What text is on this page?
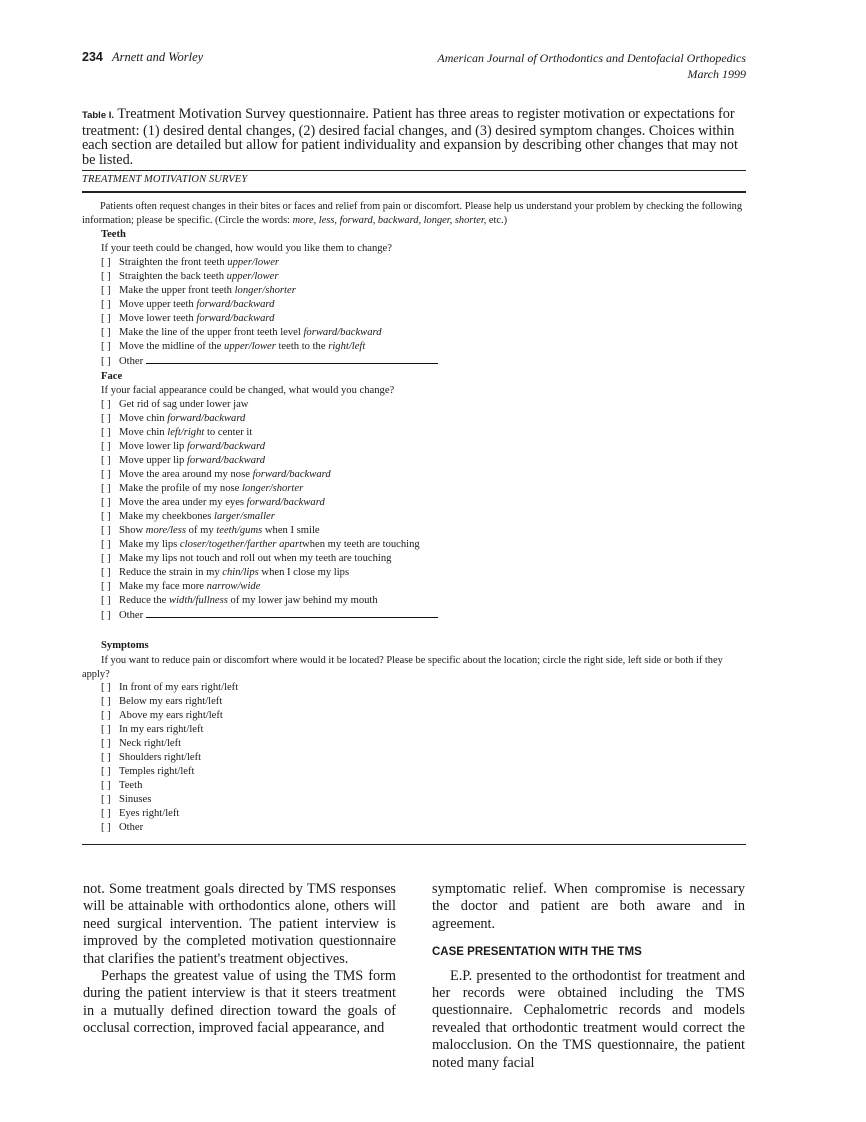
234 Arnett and Worley	American Journal of Orthodontics and Dentofacial Orthopedics
March 1999
Table I. Treatment Motivation Survey questionnaire. Patient has three areas to register motivation or expectations for treatment: (1) desired dental changes, (2) desired facial changes, and (3) desired symptom changes. Choices within each section are detailed but allow for patient individuality and expansion by describing other changes that may not be listed.
TREATMENT MOTIVATION SURVEY
Patients often request changes in their bites or faces and relief from pain or discomfort. Please help us understand your problem by checking the following information; please be specific. (Circle the words: more, less, forward, backward, longer, shorter, etc.)
Teeth
If your teeth could be changed, how would you like them to change?
[ ] Straighten the front teeth upper/lower
[ ] Straighten the back teeth upper/lower
[ ] Make the upper front teeth longer/shorter
[ ] Move upper teeth forward/backward
[ ] Move lower teeth forward/backward
[ ] Make the line of the upper front teeth level forward/backward
[ ] Move the midline of the upper/lower teeth to the right/left
[ ] Other
Face
If your facial appearance could be changed, what would you change?
[ ] Get rid of sag under lower jaw
[ ] Move chin forward/backward
[ ] Move chin left/right to center it
[ ] Move lower lip forward/backward
[ ] Move upper lip forward/backward
[ ] Move the area around my nose forward/backward
[ ] Make the profile of my nose longer/shorter
[ ] Move the area under my eyes forward/backward
[ ] Make my cheekbones larger/smaller
[ ] Show more/less of my teeth/gums when I smile
[ ] Make my lips closer/together/farther apartwhen my teeth are touching
[ ] Make my lips not touch and roll out when my teeth are touching
[ ] Reduce the strain in my chin/lips when I close my lips
[ ] Make my face more narrow/wide
[ ] Reduce the width/fullness of my lower jaw behind my mouth
[ ] Other
Symptoms
If you want to reduce pain or discomfort where would it be located? Please be specific about the location; circle the right side, left side or both if they apply?
[ ] In front of my ears right/left
[ ] Below my ears right/left
[ ] Above my ears right/left
[ ] In my ears right/left
[ ] Neck right/left
[ ] Shoulders right/left
[ ] Temples right/left
[ ] Teeth
[ ] Sinuses
[ ] Eyes right/left
[ ] Other

not. Some treatment goals directed by TMS responses will be attainable with orthodontics alone, others will need surgical intervention. The patient interview is improved by the completed motivation questionnaire that clarifies the patient's treatment objectives.

Perhaps the greatest value of using the TMS form during the patient interview is that it steers treatment in a mutually defined direction toward the goals of occlusal correction, improved facial appearance, and

symptomatic relief. When compromise is necessary the doctor and patient are both aware and in agreement.

CASE PRESENTATION WITH THE TMS

E.P. presented to the orthodontist for treatment and her records were obtained including the TMS questionnaire. Cephalometric records and models revealed that orthodontic treatment would correct the malocclusion. On the TMS questionnaire, the patient noted many facial
